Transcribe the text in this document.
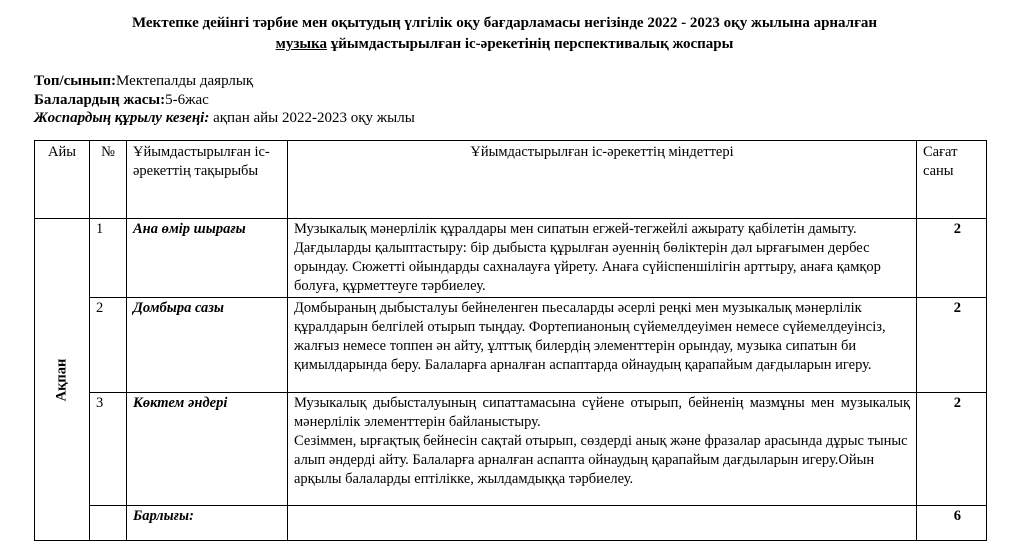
Мектепке дейінгі тәрбие мен оқытудың үлгілік оқу бағдарламасы негізінде 2022 - 2023 оқу жылына арналған
музыка ұйымдастырылған іс-әрекетінің перспективалық жоспары
Топ/сынып:Мектепалды даярлық
Балалардың жасы:5-6жас
Жоспардың құрылу кезеңі: ақпан айы 2022-2023 оқу жылы
Айы	№	Ұйымдастырылған іс-әрекеттің тақырыбы	Ұйымдастырылған іс-әрекеттің міндеттері	Сағат саны

Ақпан	1	Ана өмір шырағы	Музыкалық мәнерлілік құралдары мен сипатын егжей-тегжейлі ажырату қабілетін дамыту. Дағдыларды қалыптастыру: бір дыбыста құрылған әуеннің бөліктерін дәл ырғағымен дербес орындау. Сюжетті ойындарды сахналауға үйрету. Анаға сүйіспеншілігін арттыру, анаға қамқор болуға, құрметтеуге тәрбиелеу.	2
	2	Домбыра сазы	Домбыраның дыбысталуы бейнеленген пьесаларды әсерлі реңкі мен музыкалық мәнерлілік құралдарын белгілей отырып тыңдау. Фортепианоның сүйемелдеуімен немесе сүйемелдеуінсіз, жалғыз немесе топпен ән айту, ұлттық билердің элементтерін орындау, музыка сипатын би қимылдарында беру. Балаларға арналған аспаптарда ойнаудың қарапайым дағдыларын игеру.	2
	3	Көктем әндері	Музыкалық дыбысталуының сипаттамасына сүйене отырып, бейненің мазмұны мен музыкалық мәнерлілік элементтерін байланыстыру.
Сезіммен, ырғақтық бейнесін сақтай отырып, сөздерді анық және фразалар арасында дұрыс тыныс алып әндерді айту. Балаларға арналған аспапта ойнаудың қарапайым дағдыларын игеру.Ойын арқылы балаларды ептілікке, жылдамдыққа тәрбиелеу.	2
		Барлығы:		6
